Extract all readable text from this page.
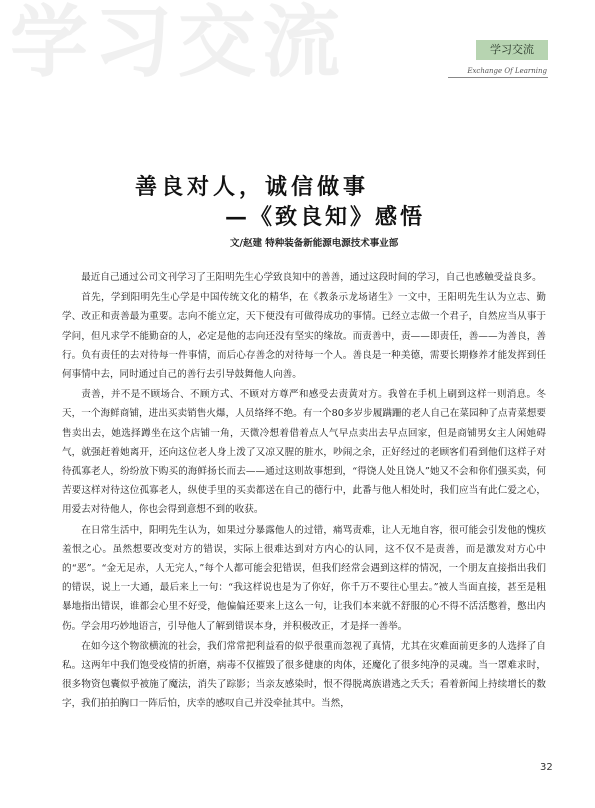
学习交流	学习交流
Exchange Of Learning
善良对人，诚信做事
—《致良知》感悟
文/赵建 特种装备新能源电源技术事业部

最近自己通过公司文刊学习了王阳明先生心学致良知中的善善，通过这段时间的学习，自己也感触受益良多。

首先，学到阳明先生心学是中国传统文化的精华，在《教条示龙场诸生》一文中，王阳明先生认为立志、勤学、改正和责善最为重要。志向不能立定，天下便没有可做得成功的事情。已经立志做一个君子，自然应当从事于学问，但凡求学不能勤奋的人，必定是他的志向还没有坚实的缘故。而责善中，责——即责任，善——为善良，善行。负有责任的去对待每一件事情，而后心存善念的对待每一个人。善良是一种美德，需要长期修养才能发挥到任何事情中去，同时通过自己的善行去引导鼓舞他人向善。

责善，并不是不顾场合、不顾方式、不顾对方尊严和感受去责黄对方。我曾在手机上刷到这样一则消息。冬天，一个海鲜商铺，进出买卖销售火爆，人员络绎不绝。有一个80多岁步履蹒跚的老人自己在菜园种了点青菜想要售卖出去，她选择蹲坐在这个店铺一角，天微冷想着借着点人气早点卖出去早点回家，但是商铺男女主人闲她碍气，就强赶着她离开，还向这位老人身上泼了又凉又腥的脏水，吵闹之余，正好经过的老顾客们看到他们这样子对待孤寡老人，纷纷放下购买的海鲜扬长而去——通过这则故事想到，“得饶人处且饶人”她又不会和你们强买卖，何苦要这样对待这位孤寡老人，纵使手里的买卖都送在自己的德行中，此番与他人相处时，我们应当有此仁爱之心，用爱去对待他人，你也会得到意想不到的收获。

在日常生活中，阳明先生认为，如果过分暴露他人的过错，痛骂责难，让人无地自容，很可能会引发他的愧疚羞恨之心。虽然想要改变对方的错误，实际上很难达到对方内心的认同，这不仅不是责善，而是激发对方心中的“恶”。“金无足赤，人无完人，”每个人都可能会犯错误，但我们经常会遇到这样的情况，一个朋友直接指出我们的错误，说上一大通，最后来上一句：“我这样说也是为了你好，你千万不要往心里去。”被人当面直接，甚至是粗暴地指出错误，谁都会心里不好受，他偏偏还要来上这么一句，让我们本来就不舒服的心不得不活活憋着，憋出内伤。学会用巧妙地语言，引导他人了解到错误本身，并积极改正，才是择一善举。

在如今这个物欲横流的社会，我们常常把利益看的似乎很重而忽视了真情，尤其在灾难面前更多的人选择了自私。这两年中我们饱受疫情的折磨，病毒不仅摧毁了很多健康的肉体，还魔化了很多纯净的灵魂。当一罩难求时，很多物资包囊似乎被施了魔法，消失了踪影；当亲友感染时，恨不得脱离族谱逃之夭夭；看着新闻上持续增长的数字，我们拍拍胸口一阵后怕，庆幸的感叹自己并没牵扯其中。当然，

32
